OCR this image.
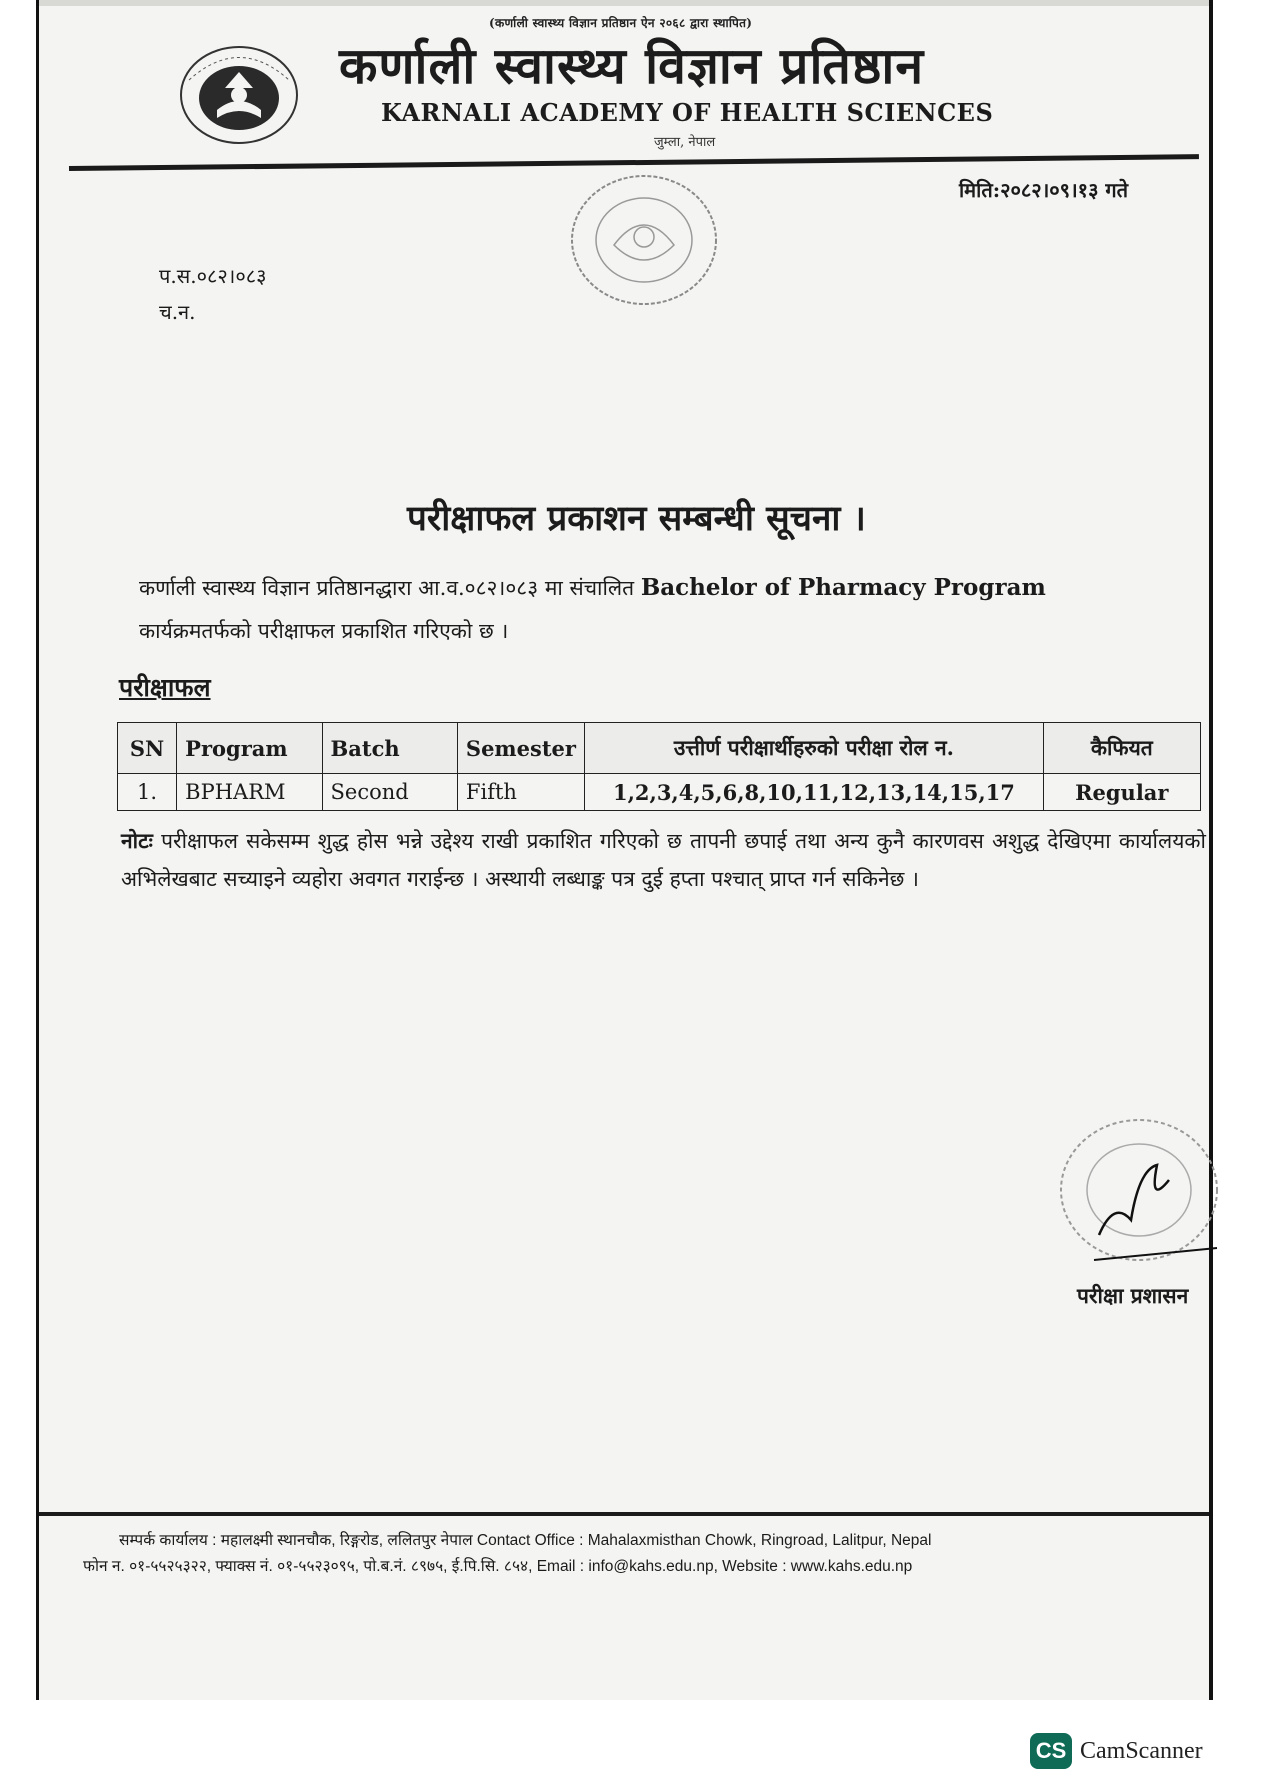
(कर्णाली स्वास्थ्य विज्ञान प्रतिष्ठान ऐन २०६८ द्वारा स्थापित)
कर्णाली स्वास्थ्य विज्ञान प्रतिष्ठान
KARNALI ACADEMY OF HEALTH SCIENCES
जुम्ला, नेपाल
मिति:२०८२।०९।१३ गते
प.स.०८२।०८३
च.न.
परीक्षाफल प्रकाशन सम्बन्धी सूचना ।
कर्णाली स्वास्थ्य विज्ञान प्रतिष्ठानद्धारा आ.व.०८२।०८३ मा संचालित Bachelor of Pharmacy Program
कार्यक्रमतर्फको परीक्षाफल प्रकाशित गरिएको छ ।
परीक्षाफल
SN	Program	Batch	Semester	उत्तीर्ण परीक्षार्थीहरुको परीक्षा रोल न.	कैफियत
1.	BPHARM	Second	Fifth	1,2,3,4,5,6,8,10,11,12,13,14,15,17	Regular
नोटः परीक्षाफल सकेसम्म शुद्ध होस भन्ने उद्देश्य राखी प्रकाशित गरिएको छ तापनी छपाई तथा अन्य कुनै कारणवस अशुद्ध देखिएमा कार्यालयको अभिलेखबाट सच्याइने व्यहोरा अवगत गराईन्छ । अस्थायी लब्धाङ्क पत्र दुई हप्ता पश्चात् प्राप्त गर्न सकिनेछ ।
परीक्षा प्रशासन
सम्पर्क कार्यालय : महालक्ष्मी स्थानचौक, रिङ्गरोड, ललितपुर नेपाल Contact Office : Mahalaxmisthan Chowk, Ringroad, Lalitpur, Nepal
फोन न. ०१-५५२५३२२, फ्याक्स नं. ०१-५५२३०९५, पो.ब.नं. ८९७५, ई.पि.सि. ८५४, Email : info@kahs.edu.np, Website : www.kahs.edu.np
CS CamScanner
